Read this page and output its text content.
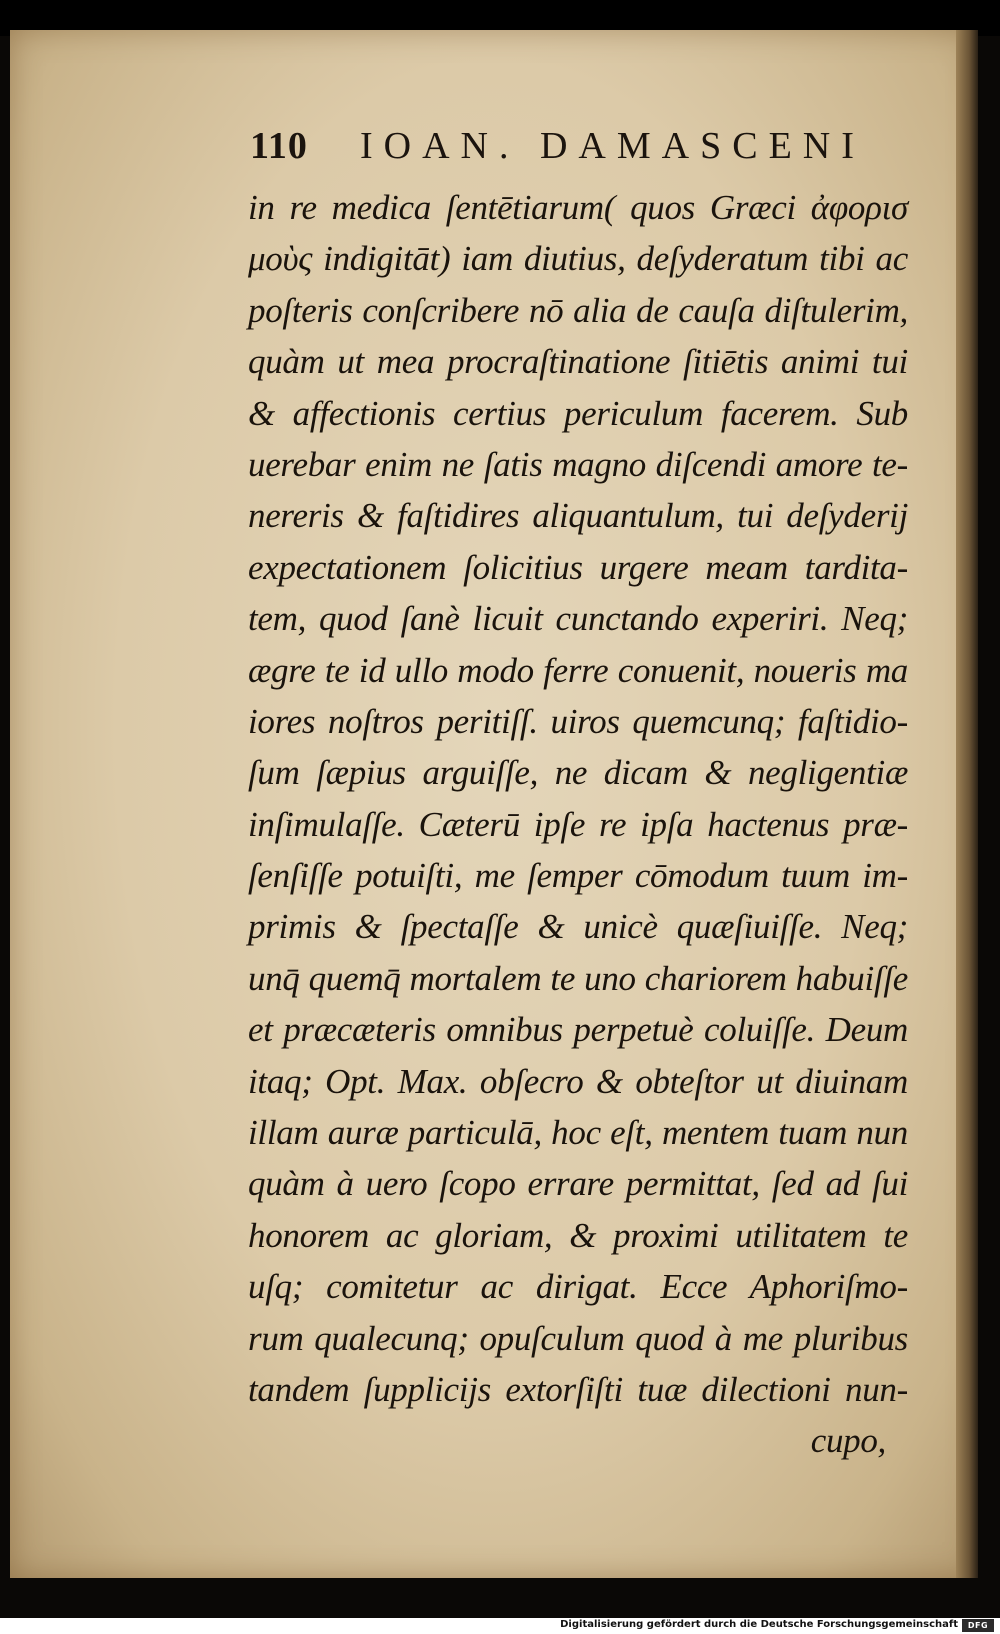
110	IOAN. DAMASCENI
in re medica ſentētiarum( quos Græci ἀφορισ
μοὺς indigitāt) iam diutius, deſyderatum tibi ac
poſteris conſcribere nō alia de cauſa diſtulerim,
quàm ut mea procraſtinatione ſitiētis animi tui
& affectionis certius periculum facerem. Sub
uerebar enim ne ſatis magno diſcendi amore te-
nereris & faſtidires aliquantulum, tui deſyderij
expectationem ſolicitius urgere meam tardita-
tem, quod ſanè licuit cunctando experiri. Neq;
ægre te id ullo modo ferre conuenit, noueris ma
iores noſtros peritiſſ. uiros quemcunq; faſtidio-
ſum ſæpius arguiſſe, ne dicam & negligentiæ
inſimulaſſe. Cæterū ipſe re ipſa hactenus præ-
ſenſiſſe potuiſti, me ſemper cōmodum tuum im-
primis & ſpectaſſe & unicè quæſiuiſſe. Neq;
unq̄ quemq̄ mortalem te uno chariorem habuiſſe
et præcæteris omnibus perpetuè coluiſſe. Deum
itaq; Opt. Max. obſecro & obteſtor ut diuinam
illam auræ particulā, hoc eſt, mentem tuam nun
quàm à uero ſcopo errare permittat, ſed ad ſui
honorem ac gloriam, & proximi utilitatem te
uſq; comitetur ac dirigat. Ecce Aphoriſmo-
rum qualecunq; opuſculum quod à me pluribus
tandem ſupplicijs extorſiſti tuæ dilectioni nun-
cupo,
Digitalisierung gefördert durch die Deutsche Forschungsgemeinschaft	DFG
